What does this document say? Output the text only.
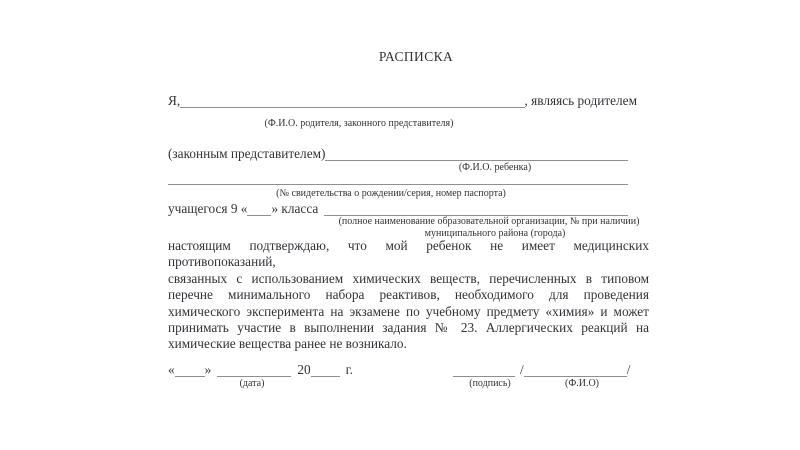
РАСПИСКА
Я,	, являясь родителем
(Ф.И.О. родителя, законного представителя)
(законным представителем)
(Ф.И.О. ребенка)
(№ свидетельства о рождении/серия, номер паспорта)
учащегося 9 « » класса
(полное наименование образовательной организации, № при наличии)
муниципального района (города)
настоящим подтверждаю, что мой ребенок не имеет медицинских противопоказаний,
связанных с использованием химических веществ, перечисленных в типовом
перечне минимального набора реактивов, необходимого для проведения
химического эксперимента на экзамене по учебному предмету «химия» и может
принимать участие в выполнении задания № 23. Аллергических реакций на
химические вещества ранее не возникало.
« »	20	г.
(дата)
/	/
(подпись)	(Ф.И.О)
